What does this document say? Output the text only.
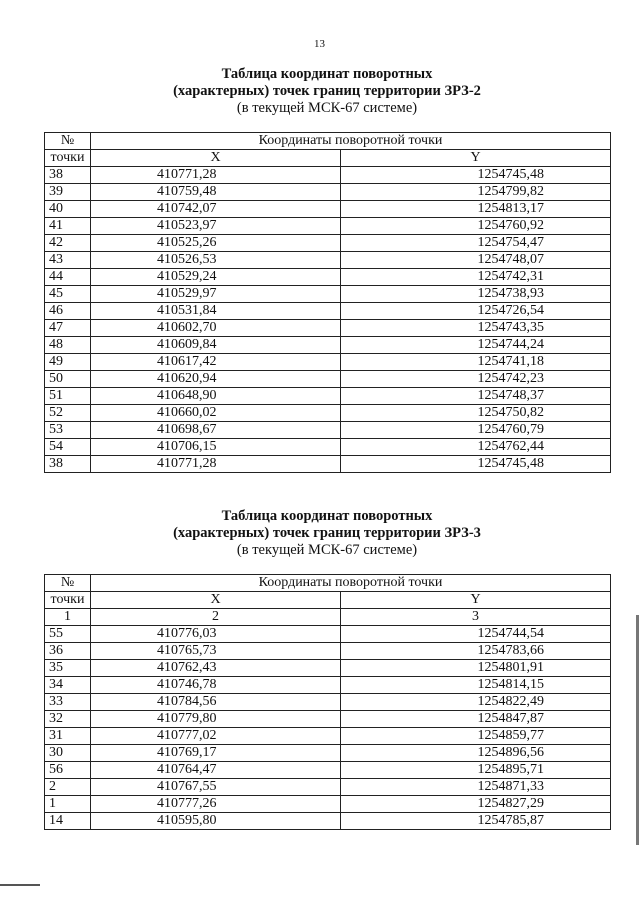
13
Таблица координат поворотных
(характерных) точек границ территории ЗРЗ-2
(в текущей МСК-67 системе)
№	Координаты поворотной точки	
точки	X	Y
38	410771,28	1254745,48
39	410759,48	1254799,82
40	410742,07	1254813,17
41	410523,97	1254760,92
42	410525,26	1254754,47
43	410526,53	1254748,07
44	410529,24	1254742,31
45	410529,97	1254738,93
46	410531,84	1254726,54
47	410602,70	1254743,35
48	410609,84	1254744,24
49	410617,42	1254741,18
50	410620,94	1254742,23
51	410648,90	1254748,37
52	410660,02	1254750,82
53	410698,67	1254760,79
54	410706,15	1254762,44
38	410771,28	1254745,48
Таблица координат поворотных
(характерных) точек границ территории ЗРЗ-3
(в текущей МСК-67 системе)
№	Координаты поворотной точки	
точки	X	Y
1	2	3
55	410776,03	1254744,54
36	410765,73	1254783,66
35	410762,43	1254801,91
34	410746,78	1254814,15
33	410784,56	1254822,49
32	410779,80	1254847,87
31	410777,02	1254859,77
30	410769,17	1254896,56
56	410764,47	1254895,71
2	410767,55	1254871,33
1	410777,26	1254827,29
14	410595,80	1254785,87
